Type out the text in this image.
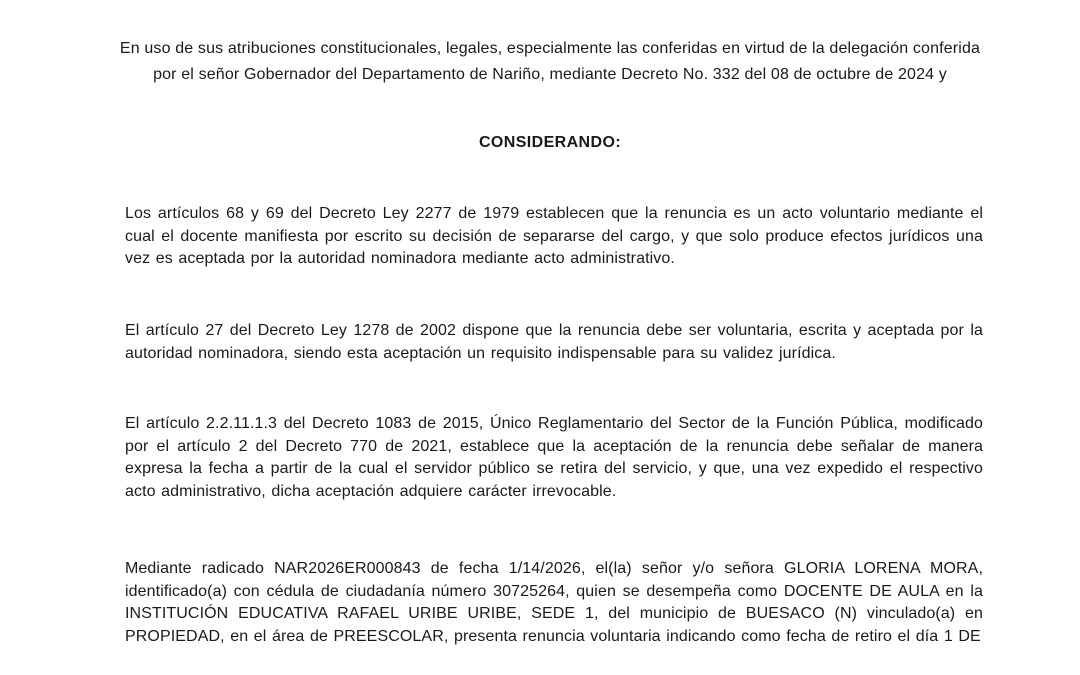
En uso de sus atribuciones constitucionales, legales, especialmente las conferidas en virtud de la delegación conferida por el señor Gobernador del Departamento de Nariño, mediante Decreto No. 332 del 08 de octubre de 2024 y
CONSIDERANDO:
Los artículos 68 y 69 del Decreto Ley 2277 de 1979 establecen que la renuncia es un acto voluntario mediante el cual el docente manifiesta por escrito su decisión de separarse del cargo, y que solo produce efectos jurídicos una vez es aceptada por la autoridad nominadora mediante acto administrativo.
El artículo 27 del Decreto Ley 1278 de 2002 dispone que la renuncia debe ser voluntaria, escrita y aceptada por la autoridad nominadora, siendo esta aceptación un requisito indispensable para su validez jurídica.
El artículo 2.2.11.1.3 del Decreto 1083 de 2015, Único Reglamentario del Sector de la Función Pública, modificado por el artículo 2 del Decreto 770 de 2021, establece que la aceptación de la renuncia debe señalar de manera expresa la fecha a partir de la cual el servidor público se retira del servicio, y que, una vez expedido el respectivo acto administrativo, dicha aceptación adquiere carácter irrevocable.
Mediante radicado NAR2026ER000843 de fecha 1/14/2026, el(la) señor y/o señora GLORIA LORENA MORA, identificado(a) con cédula de ciudadanía número 30725264, quien se desempeña como DOCENTE DE AULA en la INSTITUCIÓN EDUCATIVA RAFAEL URIBE URIBE, SEDE 1, del municipio de BUESACO (N) vinculado(a) en PROPIEDAD, en el área de PREESCOLAR, presenta renuncia voluntaria indicando como fecha de retiro el día 1 DE
